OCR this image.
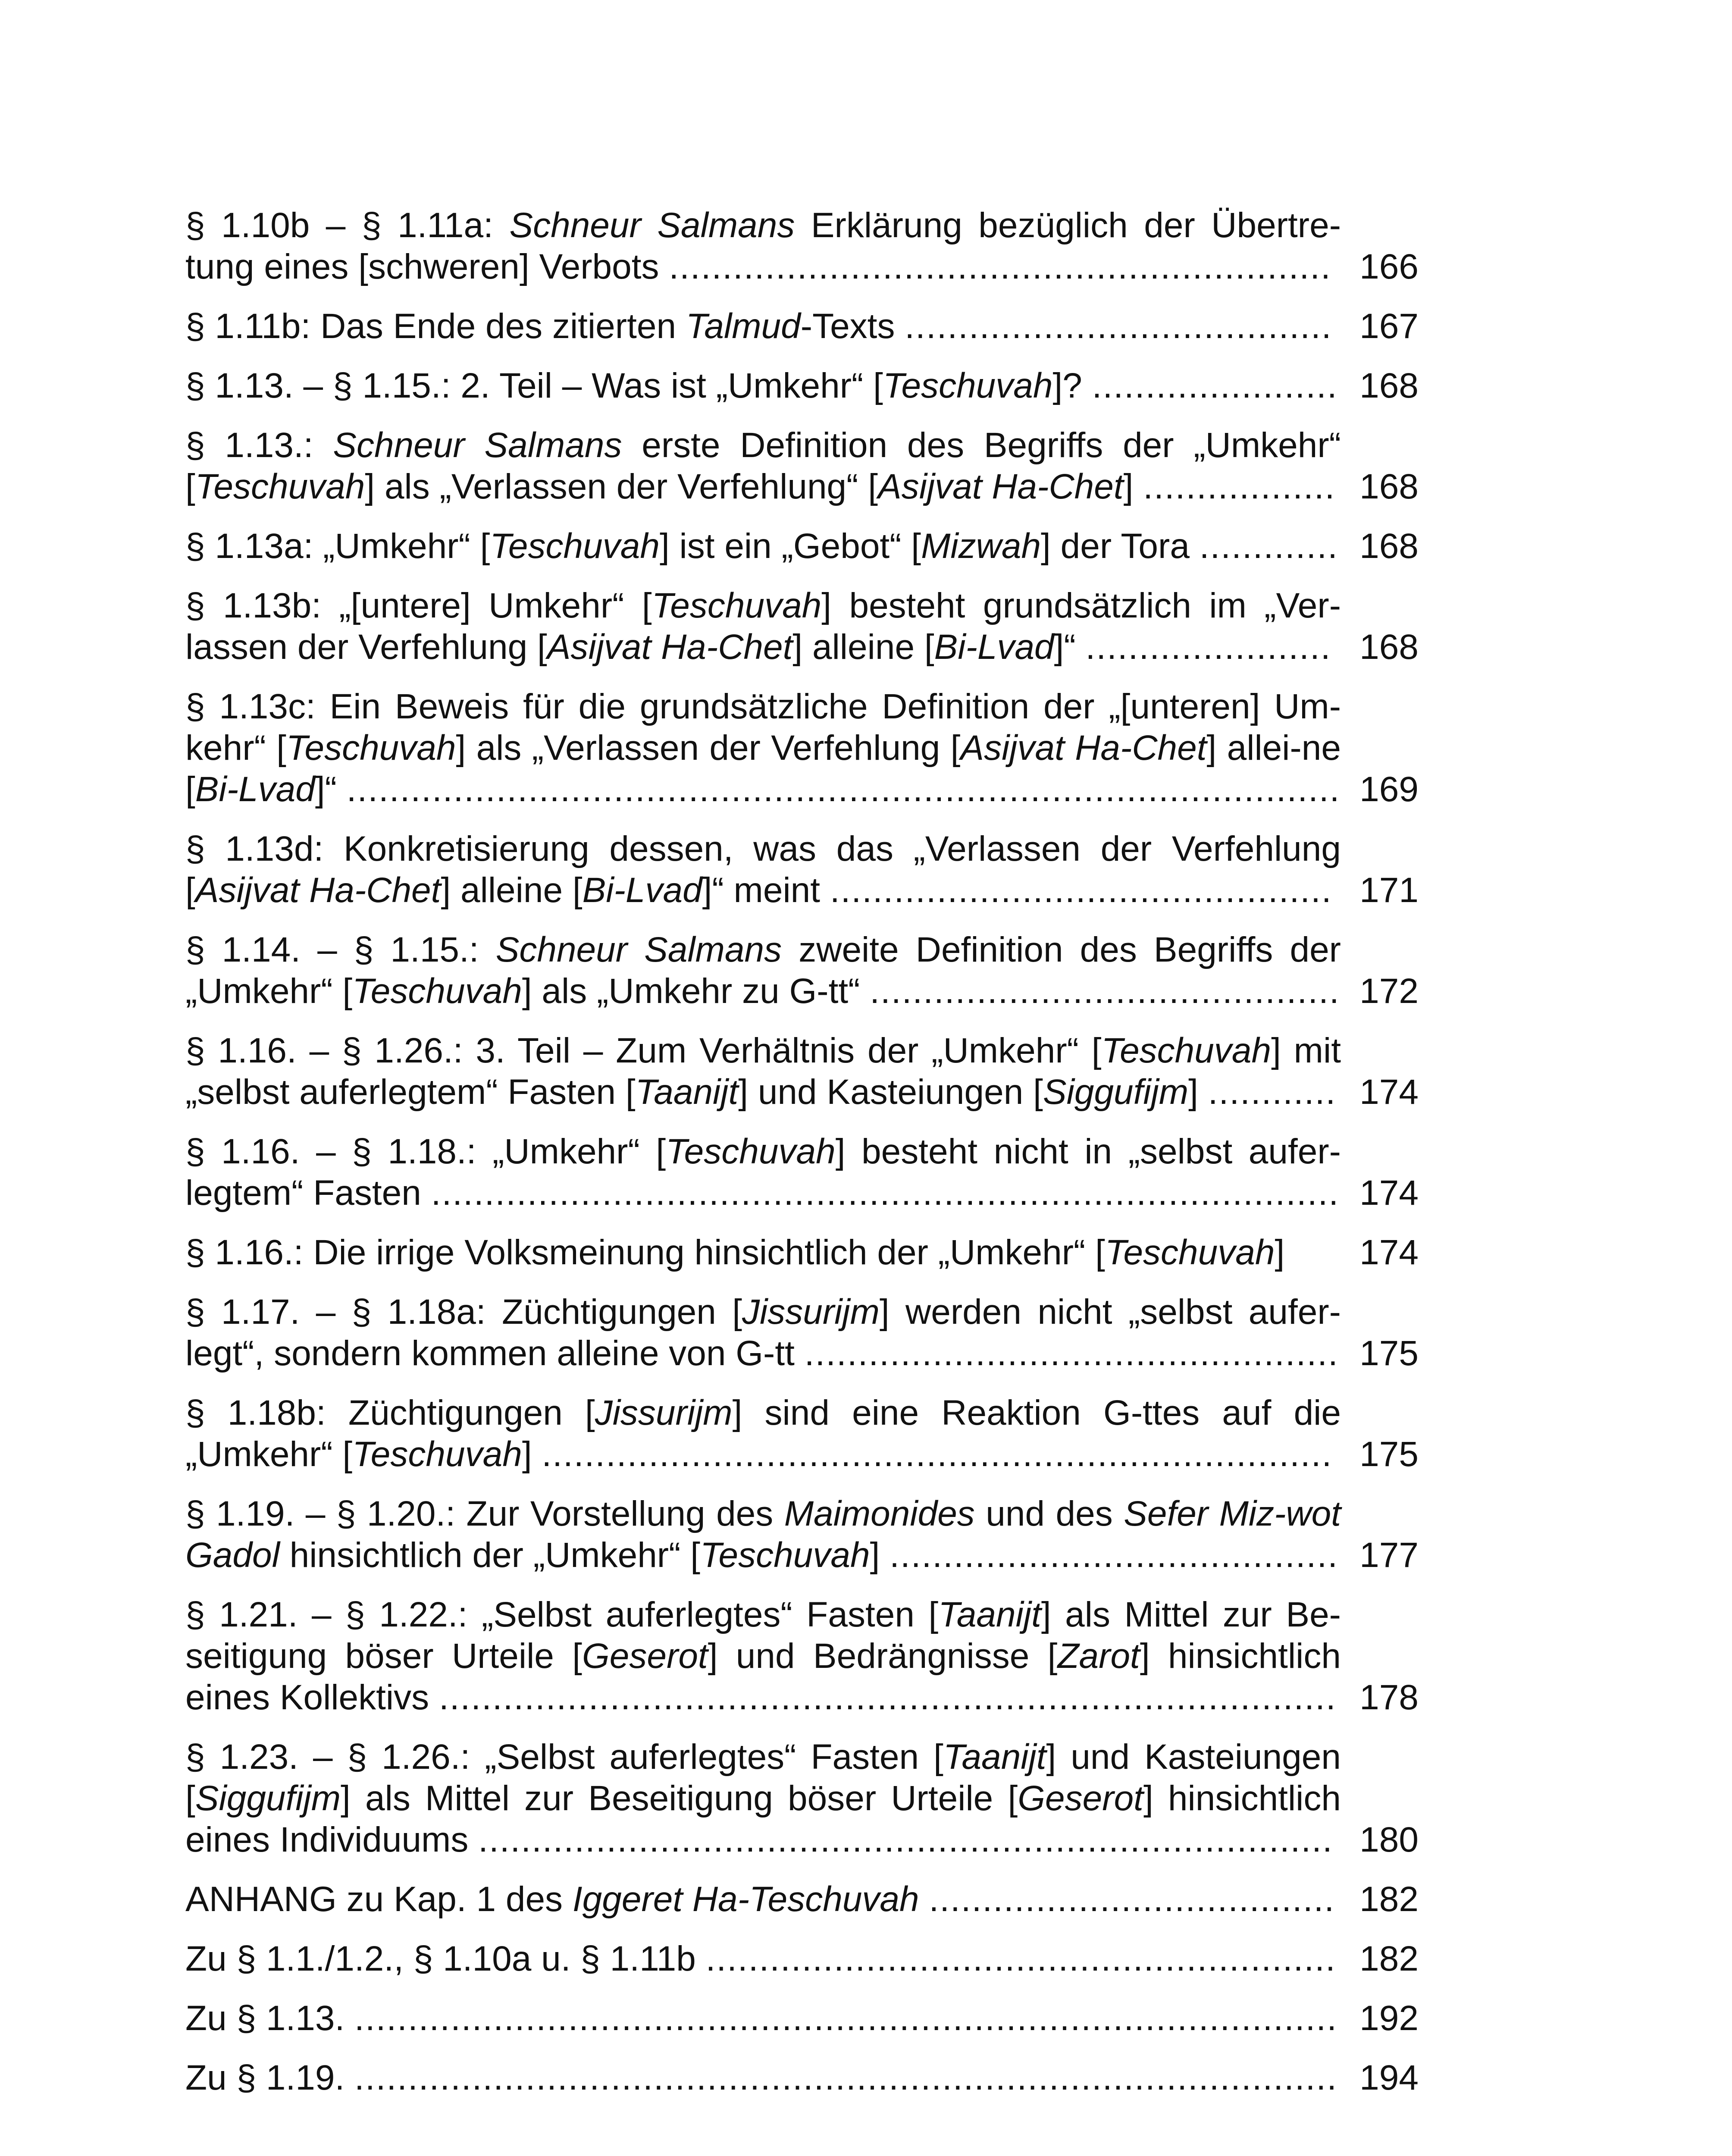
§ 1.10b – § 1.11a: Schneur Salmans Erklärung bezüglich der Übertre-tung eines [schweren] Verbots .............................................................. 166
§ 1.11b: Das Ende des zitierten Talmud-Texts ........................................ 167
§ 1.13. – § 1.15.: 2. Teil – Was ist „Umkehr“ [Teschuvah]? ....................... 168
§ 1.13.: Schneur Salmans erste Definition des Begriffs der „Umkehr“ [Teschuvah] als „Verlassen der Verfehlung“ [Asijvat Ha-Chet] .................. 168
§ 1.13a: „Umkehr“ [Teschuvah] ist ein „Gebot“ [Mizwah] der Tora ............. 168
§ 1.13b: „[untere] Umkehr“ [Teschuvah] besteht grundsätzlich im „Ver-lassen der Verfehlung [Asijvat Ha-Chet] alleine [Bi-Lvad]“ ....................... 168
§ 1.13c: Ein Beweis für die grundsätzliche Definition der „[unteren] Um-kehr“ [Teschuvah] als „Verlassen der Verfehlung [Asijvat Ha-Chet] allei-ne [Bi-Lvad]“ ............................................................................................. 169
§ 1.13d: Konkretisierung dessen, was das „Verlassen der Verfehlung [Asijvat Ha-Chet] alleine [Bi-Lvad]“ meint ............................................... 171
§ 1.14. – § 1.15.: Schneur Salmans zweite Definition des Begriffs der „Umkehr“ [Teschuvah] als „Umkehr zu G-tt“ ............................................ 172
§ 1.16. – § 1.26.: 3. Teil – Zum Verhältnis der „Umkehr“ [Teschuvah] mit „selbst auferlegtem“ Fasten [Taanijt] und Kasteiungen [Siggufijm] ............ 174
§ 1.16. – § 1.18.: „Umkehr“ [Teschuvah] besteht nicht in „selbst aufer-legtem“ Fasten ..................................................................................... 174
§ 1.16.: Die irrige Volksmeinung hinsichtlich der „Umkehr“ [Teschuvah]	174
§ 1.17. – § 1.18a: Züchtigungen [Jissurijm] werden nicht „selbst aufer-legt“, sondern kommen alleine von G-tt .................................................. 175
§ 1.18b: Züchtigungen [Jissurijm] sind eine Reaktion G-ttes auf die „Umkehr“ [Teschuvah] .......................................................................... 175
§ 1.19. – § 1.20.: Zur Vorstellung des Maimonides und des Sefer Miz-wot Gadol hinsichtlich der „Umkehr“ [Teschuvah] .......................................... 177
§ 1.21. – § 1.22.: „Selbst auferlegtes“ Fasten [Taanijt] als Mittel zur Be-seitigung böser Urteile [Geserot] und Bedrängnisse [Zarot] hinsichtlich eines Kollektivs .................................................................................... 178
§ 1.23. – § 1.26.: „Selbst auferlegtes“ Fasten [Taanijt] und Kasteiungen [Siggufijm] als Mittel zur Beseitigung böser Urteile [Geserot] hinsichtlich eines Individuums ................................................................................ 180
ANHANG zu Kap. 1 des Iggeret Ha-Teschuvah ...................................... 182
Zu § 1.1./1.2., § 1.10a u. § 1.11b ........................................................... 182
Zu § 1.13. ............................................................................................ 192
Zu § 1.19. ............................................................................................ 194
